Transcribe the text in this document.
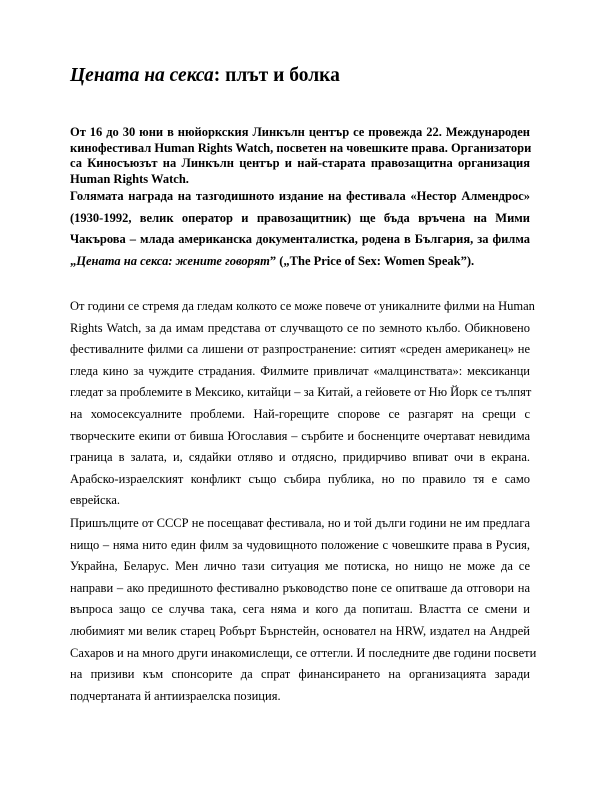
Цената на секса: плът и болка

От 16 до 30 юни в нюйоркския Линкълн център се провежда 22. Международен
кинофестивал Human Rights Watch, посветен на човешките права. Организатори
са Киносъюзът на Линкълн център и най-старата правозащитна организация
Human Rights Watch.

Голямата награда на тазгодишното издание на фестивала «Нестор Алмендрос»
(1930-1992, велик оператор и правозащитник) ще бъда връчена на Мими
Чакърова – млада американска документалистка, родена в България, за филма
„Цената на секса: жените говорят” („The Price of Sex: Women Speak”).

От години се стремя да гледам колкото се може повече от уникалните филми на Human
Rights Watch, за да имам представа от случващото се по земното кълбо. Обикновено
фестивалните филми са лишени от разпространение: ситият «среден американец» не
гледа кино за чуждите страдания. Филмите привличат «малцинствата»: мексиканци
гледат за проблемите в Мексико, китайци – за Китай, а гейовете от Ню Йорк се тълпят
на хомосексуалните проблеми. Най-горещите спорове се разгарят на срещи с
творческите екипи от бивша Югославия – сърбите и босненците очертават невидима
граница в залата, и, сядайки отляво и отдясно, придирчиво впиват очи в екрана.
Арабско-израелският конфликт също събира публика, но по правило тя е само
еврейска.

Пришълците от СССР не посещават фестивала, но и той дълги години не им предлага
нищо – няма нито един филм за чудовищното положение с човешките права в Русия,
Украйна, Беларус. Мен лично тази ситуация ме потиска, но нищо не може да се
направи – ако предишното фестивално ръководство поне се опитваше да отговори на
въпроса защо се случва така, сега няма и кого да попиташ. Властта се смени и
любимият ми велик старец Робърт Бърнстейн, основател на HRW, издател на Андрей
Сахаров и на много други инакомислещи, се оттегли. И последните две години посвети
на призиви към спонсорите да спрат финансирането на организацията заради
подчертаната й антиизраелска позиция.
